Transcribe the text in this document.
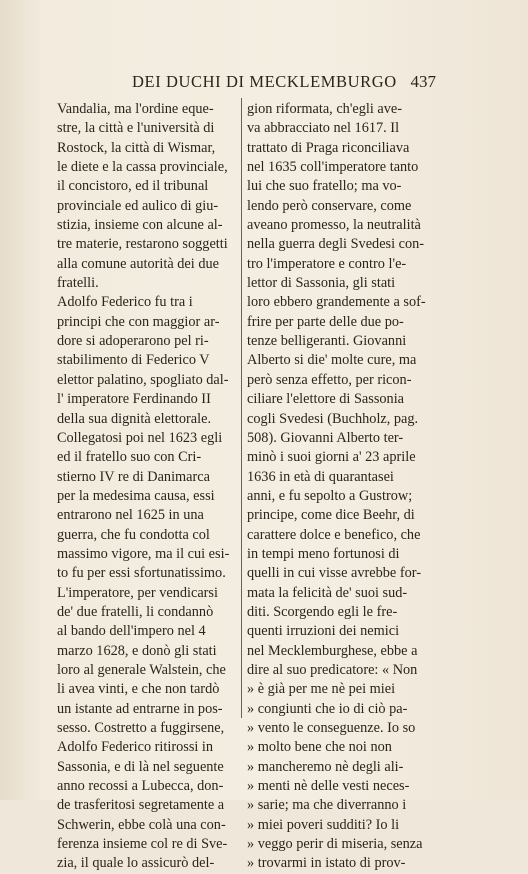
DEI DUCHI DI MECKLEMBURGO 437
Vandalia, ma l'ordine eque-
stre, la città e l'università di
Rostock, la città di Wismar,
le diete e la cassa provinciale,
il concistoro, ed il tribunal
provinciale ed aulico di giu-
stizia, insieme con alcune al-
tre materie, restarono soggetti
alla comune autorità dei due
fratelli.
Adolfo Federico fu tra i
principi che con maggior ar-
dore si adoperarono pel ri-
stabilimento di Federico V
elettor palatino, spogliato dal-
l' imperatore Ferdinando II
della sua dignità elettorale.
Collegatosi poi nel 1623 egli
ed il fratello suo con Cri-
stierno IV re di Danimarca
per la medesima causa, essi
entrarono nel 1625 in una
guerra, che fu condotta col
massimo vigore, ma il cui esi-
to fu per essi sfortunatissimo.
L'imperatore, per vendicarsi
de' due fratelli, li condannò
al bando dell'impero nel 4
marzo 1628, e donò gli stati
loro al generale Walstein, che
li avea vinti, e che non tardò
un istante ad entrarne in pos-
sesso. Costretto a fuggirsene,
Adolfo Federico ritirossi in
Sassonia, e di là nel seguente
anno recossi a Lubecca, don-
de trasferitosi segretamente a
Schwerin, ebbe colà una con-
ferenza insieme col re di Sve-
zia, il quale lo assicurò del-
gion riformata, ch'egli ave-
va abbracciato nel 1617. Il
trattato di Praga riconciliava
nel 1635 coll'imperatore tanto
lui che suo fratello; ma vo-
lendo però conservare, come
aveano promesso, la neutralità
nella guerra degli Svedesi con-
tro l'imperatore e contro l'e-
lettor di Sassonia, gli stati
loro ebbero grandemente a sof-
frire per parte delle due po-
tenze belligeranti. Giovanni
Alberto si die' molte cure, ma
però senza effetto, per ricon-
ciliare l'elettore di Sassonia
cogli Svedesi (Buchholz, pag.
508). Giovanni Alberto ter-
minò i suoi giorni a' 23 aprile
1636 in età di quarantasei
anni, e fu sepolto a Gustrow;
principe, come dice Beehr, di
carattere dolce e benefico, che
in tempi meno fortunosi di
quelli in cui visse avrebbe for-
mata la felicità de' suoi sud-
diti. Scorgendo egli le fre-
quenti irruzioni dei nemici
nel Mecklemburghese, ebbe a
dire al suo predicatore: « Non
» è già per me nè pei miei
» congiunti che io di ciò pa-
» vento le conseguenze. Io so
» molto bene che noi non
» mancheremo nè degli ali-
» menti nè delle vesti neces-
» sarie; ma che diverranno i
» miei poveri sudditi? Io li
» veggo perir di miseria, senza
» trovarmi in istato di prov-
